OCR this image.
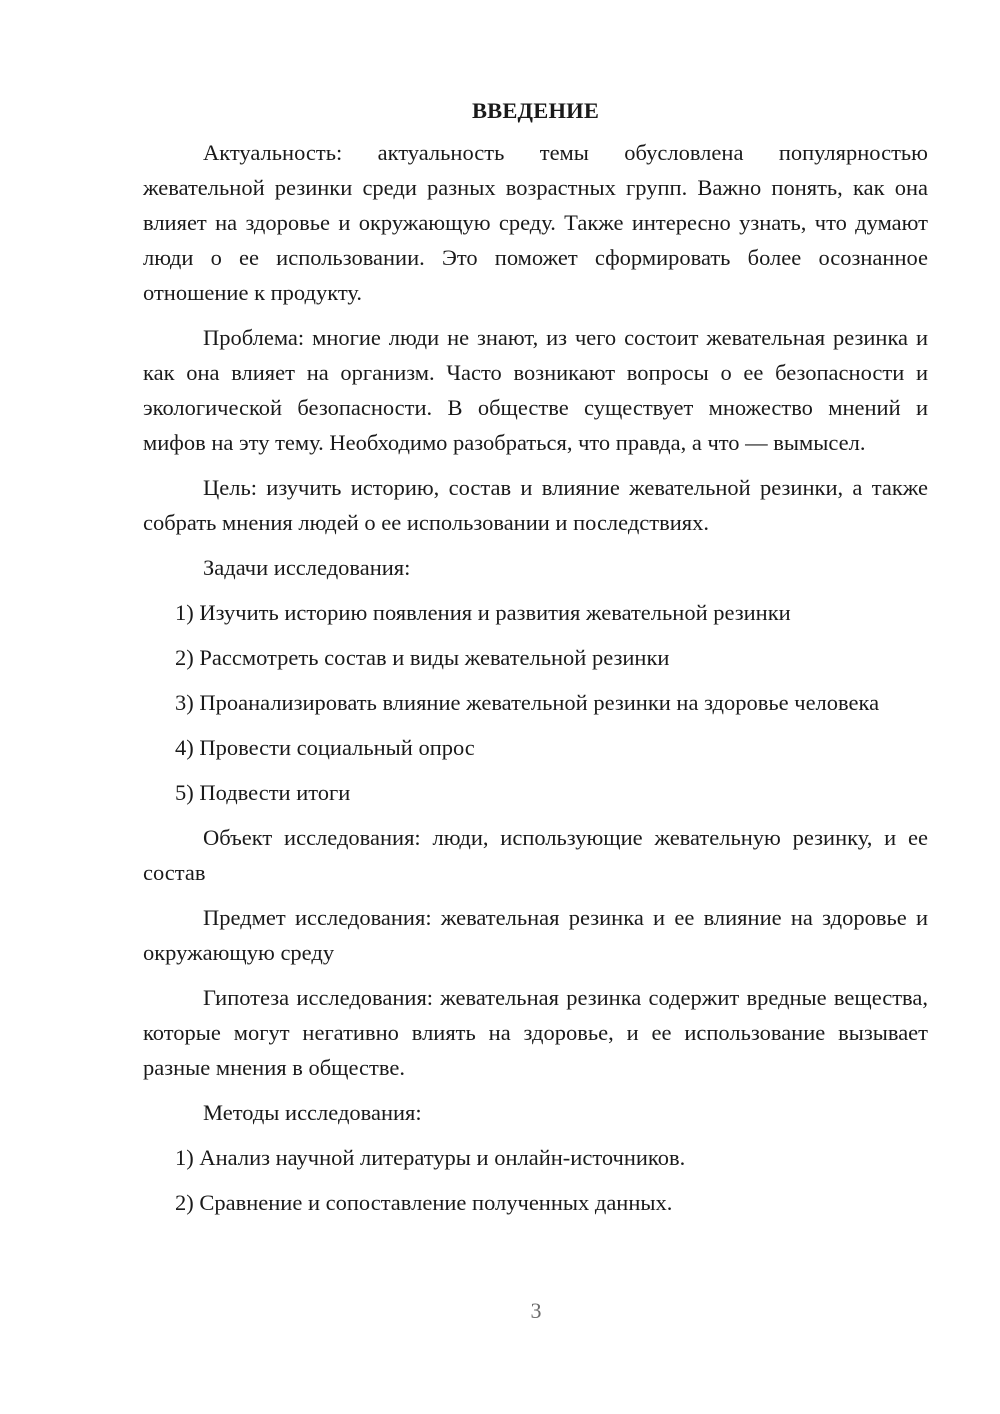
ВВЕДЕНИЕ

Актуальность: актуальность темы обусловлена популярностью жевательной резинки среди разных возрастных групп. Важно понять, как она влияет на здоровье и окружающую среду. Также интересно узнать, что думают люди о ее использовании. Это поможет сформировать более осознанное отношение к продукту.

Проблема: многие люди не знают, из чего состоит жевательная резинка и как она влияет на организм. Часто возникают вопросы о ее безопасности и экологической безопасности. В обществе существует множество мнений и мифов на эту тему. Необходимо разобраться, что правда, а что — вымысел.

Цель: изучить историю, состав и влияние жевательной резинки, а также собрать мнения людей о ее использовании и последствиях.

Задачи исследования:

1) Изучить историю появления и развития жевательной резинки
2) Рассмотреть состав и виды жевательной резинки
3) Проанализировать влияние жевательной резинки на здоровье человека
4) Провести социальный опрос
5) Подвести итоги

Объект исследования: люди, использующие жевательную резинку, и ее состав

Предмет исследования: жевательная резинка и ее влияние на здоровье и окружающую среду

Гипотеза исследования: жевательная резинка содержит вредные вещества, которые могут негативно влиять на здоровье, и ее использование вызывает разные мнения в обществе.

Методы исследования:

1) Анализ научной литературы и онлайн-источников.
2) Сравнение и сопоставление полученных данных.
3
